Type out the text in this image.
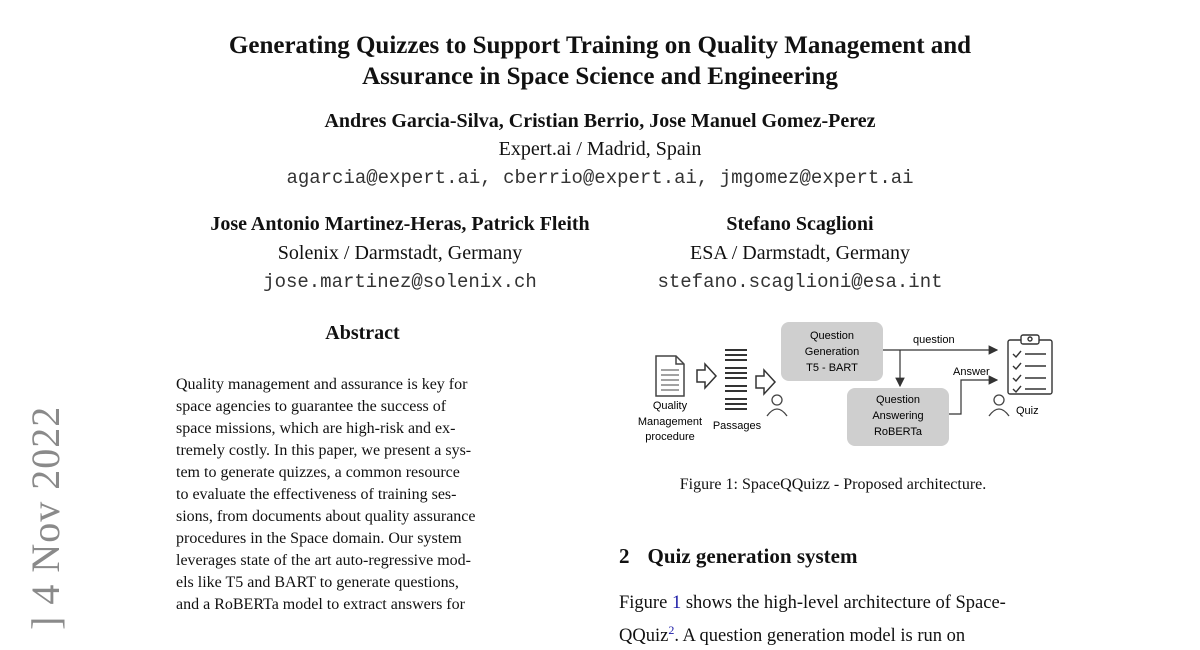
Generating Quizzes to Support Training on Quality Management and
Assurance in Space Science and Engineering
Andres Garcia-Silva, Cristian Berrio, Jose Manuel Gomez-Perez
Expert.ai / Madrid, Spain
agarcia@expert.ai, cberrio@expert.ai, jmgomez@expert.ai
Jose Antonio Martinez-Heras, Patrick Fleith
Solenix / Darmstadt, Germany
jose.martinez@solenix.ch
Stefano Scaglioni
ESA / Darmstadt, Germany
stefano.scaglioni@esa.int
] 4 Nov 2022
Abstract

Quality management and assurance is key for

space agencies to guarantee the success of

space missions, which are high-risk and ex-

tremely costly. In this paper, we present a sys-

tem to generate quizzes, a common resource

to evaluate the effectiveness of training ses-

sions, from documents about quality assurance

procedures in the Space domain. Our system

leverages state of the art auto-regressive mod-

els like T5 and BART to generate questions,

and a RoBERTa model to extract answers for

Quality
Management
procedure
Passages
Question
Generation
T5 - BART
question
Question
Answering
RoBERTa
Answer
Quiz
Figure 1: SpaceQQuizz - Proposed architecture.
2 Quiz generation system
Figure 1 shows the high-level architecture of Space-
QQuiz$^2$. A question generation model is run on
